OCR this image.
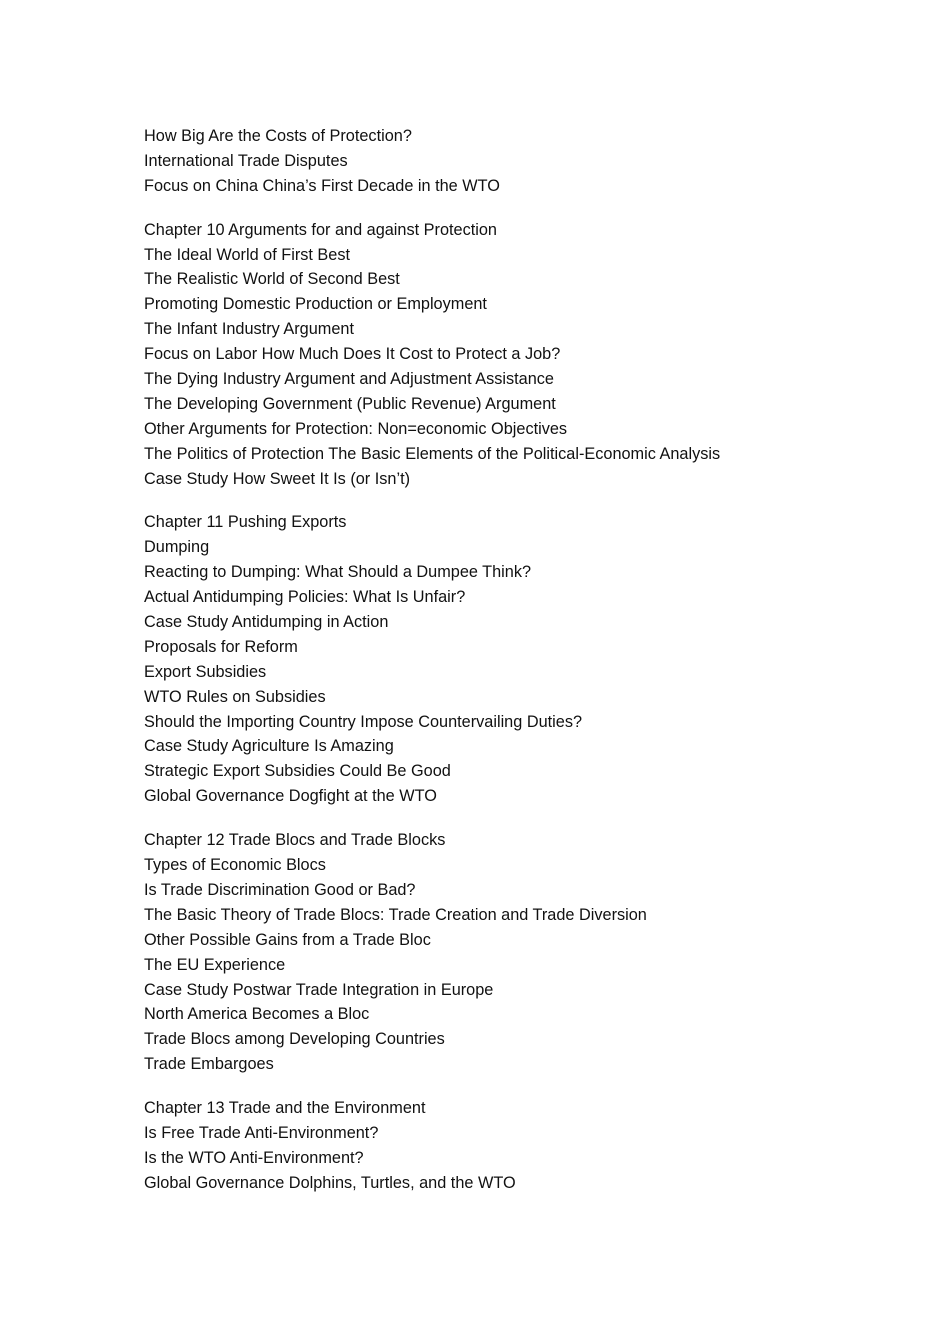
How Big Are the Costs of Protection?
International Trade Disputes
Focus on China China’s First Decade in the WTO
Chapter 10 Arguments for and against Protection
The Ideal World of First Best
The Realistic World of Second Best
Promoting Domestic Production or Employment
The Infant Industry Argument
Focus on Labor How Much Does It Cost to Protect a Job?
The Dying Industry Argument and Adjustment Assistance
The Developing Government (Public Revenue) Argument
Other Arguments for Protection: Non=economic Objectives
The Politics of Protection The Basic Elements of the Political-Economic Analysis
Case Study How Sweet It Is (or Isn’t)
Chapter 11 Pushing Exports
Dumping
Reacting to Dumping: What Should a Dumpee Think?
Actual Antidumping Policies: What Is Unfair?
Case Study Antidumping in Action
Proposals for Reform
Export Subsidies
WTO Rules on Subsidies
Should the Importing Country Impose Countervailing Duties?
Case Study Agriculture Is Amazing
Strategic Export Subsidies Could Be Good
Global Governance Dogfight at the WTO
Chapter 12 Trade Blocs and Trade Blocks
Types of Economic Blocs
Is Trade Discrimination Good or Bad?
The Basic Theory of Trade Blocs: Trade Creation and Trade Diversion
Other Possible Gains from a Trade Bloc
The EU Experience
Case Study Postwar Trade Integration in Europe
North America Becomes a Bloc
Trade Blocs among Developing Countries
Trade Embargoes
Chapter 13 Trade and the Environment
Is Free Trade Anti-Environment?
Is the WTO Anti-Environment?
Global Governance Dolphins, Turtles, and the WTO
